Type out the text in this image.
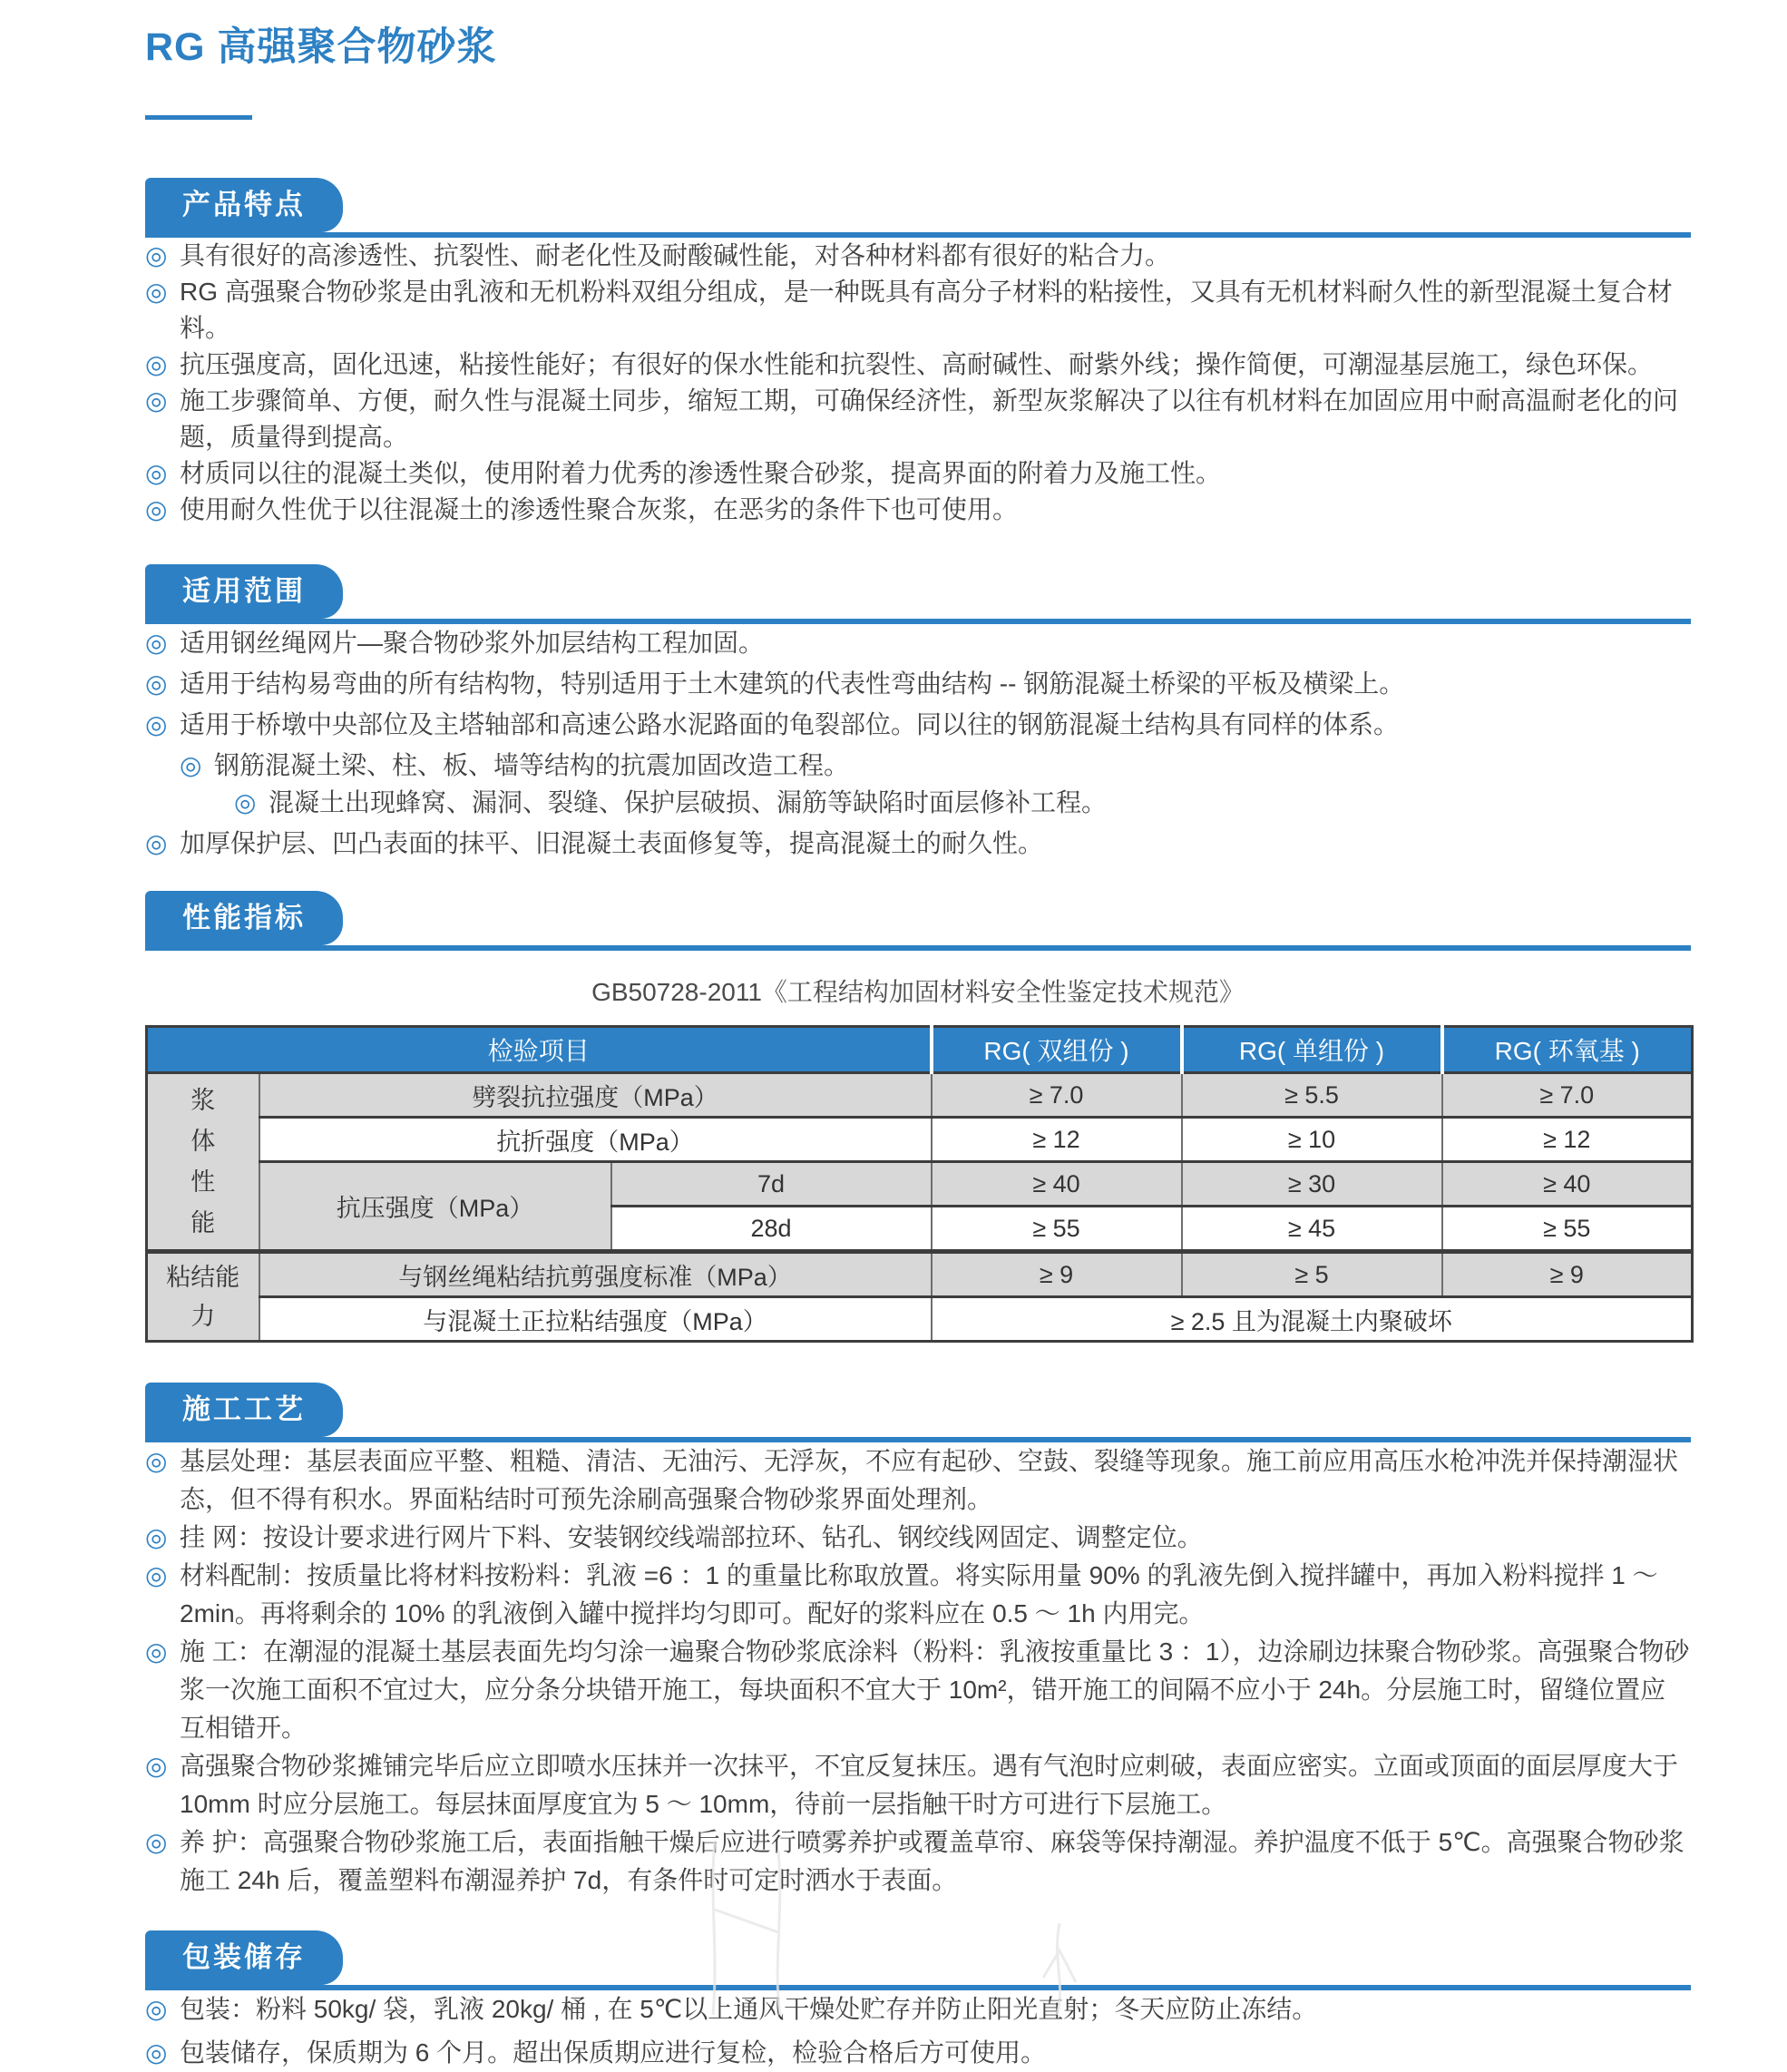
RG 高强聚合物砂浆
产品特点
◎ 具有很好的高渗透性、抗裂性、耐老化性及耐酸碱性能，对各种材料都有很好的粘合力。
◎ RG 高强聚合物砂浆是由乳液和无机粉料双组分组成，是一种既具有高分子材料的粘接性，又具有无机材料耐久性的新型混凝土复合材料。
◎ 抗压强度高，固化迅速，粘接性能好；有很好的保水性能和抗裂性、高耐碱性、耐紫外线；操作简便，可潮湿基层施工，绿色环保。
◎ 施工步骤简单、方便，耐久性与混凝土同步，缩短工期，可确保经济性，新型灰浆解决了以往有机材料在加固应用中耐高温耐老化的问题，质量得到提高。
◎ 材质同以往的混凝土类似，使用附着力优秀的渗透性聚合砂浆，提高界面的附着力及施工性。
◎ 使用耐久性优于以往混凝土的渗透性聚合灰浆，在恶劣的条件下也可使用。
适用范围
◎ 适用钢丝绳网片—聚合物砂浆外加层结构工程加固。
◎ 适用于结构易弯曲的所有结构物，特别适用于土木建筑的代表性弯曲结构 -- 钢筋混凝土桥梁的平板及横梁上。
◎ 适用于桥墩中央部位及主塔轴部和高速公路水泥路面的龟裂部位。同以往的钢筋混凝土结构具有同样的体系。
◎ 钢筋混凝土梁、柱、板、墙等结构的抗震加固改造工程。
◎ 混凝土出现蜂窝、漏洞、裂缝、保护层破损、漏筋等缺陷时面层修补工程。
◎ 加厚保护层、凹凸表面的抹平、旧混凝土表面修复等，提高混凝土的耐久性。
性能指标
GB50728-2011《工程结构加固材料安全性鉴定技术规范》
检验项目			RG( 双组份 )	RG( 单组份 )	RG( 环氧基 )

浆体性能	劈裂抗拉强度（MPa）		≥ 7.0	≥ 5.5	≥ 7.0
	抗折强度（MPa）		≥ 12	≥ 10	≥ 12
	抗压强度（MPa）	7d	≥ 40	≥ 30	≥ 40
		28d	≥ 55	≥ 45	≥ 55

粘结能力	与钢丝绳粘结抗剪强度标准（MPa）		≥ 9	≥ 5	≥ 9
	与混凝土正拉粘结强度（MPa）		≥ 2.5 且为混凝土内聚破坏		
施工工艺
◎ 基层处理：基层表面应平整、粗糙、清洁、无油污、无浮灰，不应有起砂、空鼓、裂缝等现象。施工前应用高压水枪冲洗并保持潮湿状态，但不得有积水。界面粘结时可预先涂刷高强聚合物砂浆界面处理剂。
◎ 挂 网：按设计要求进行网片下料、安装钢绞线端部拉环、钻孔、钢绞线网固定、调整定位。
◎ 材料配制：按质量比将材料按粉料：乳液 =6 ：1 的重量比称取放置。将实际用量 90% 的乳液先倒入搅拌罐中，再加入粉料搅拌 1 ～ 2min。再将剩余的 10% 的乳液倒入罐中搅拌均匀即可。配好的浆料应在 0.5 ～ 1h 内用完。
◎ 施 工：在潮湿的混凝土基层表面先均匀涂一遍聚合物砂浆底涂料（粉料：乳液按重量比 3 ：1），边涂刷边抹聚合物砂浆。高强聚合物砂浆一次施工面积不宜过大，应分条分块错开施工，每块面积不宜大于 10m²，错开施工的间隔不应小于 24h。分层施工时，留缝位置应互相错开。
◎ 高强聚合物砂浆摊铺完毕后应立即喷水压抹并一次抹平，不宜反复抹压。遇有气泡时应刺破，表面应密实。立面或顶面的面层厚度大于 10mm 时应分层施工。每层抹面厚度宜为 5 ～ 10mm，待前一层指触干时方可进行下层施工。
◎ 养 护：高强聚合物砂浆施工后，表面指触干燥后应进行喷雾养护或覆盖草帘、麻袋等保持潮湿。养护温度不低于 5℃。高强聚合物砂浆施工 24h 后，覆盖塑料布潮湿养护 7d，有条件时可定时洒水于表面。
包装储存
◎ 包装：粉料 50kg/ 袋，乳液 20kg/ 桶 , 在 5℃以上通风干燥处贮存并防止阳光直射；冬天应防止冻结。
◎ 包装储存，保质期为 6 个月。超出保质期应进行复检，检验合格后方可使用。
